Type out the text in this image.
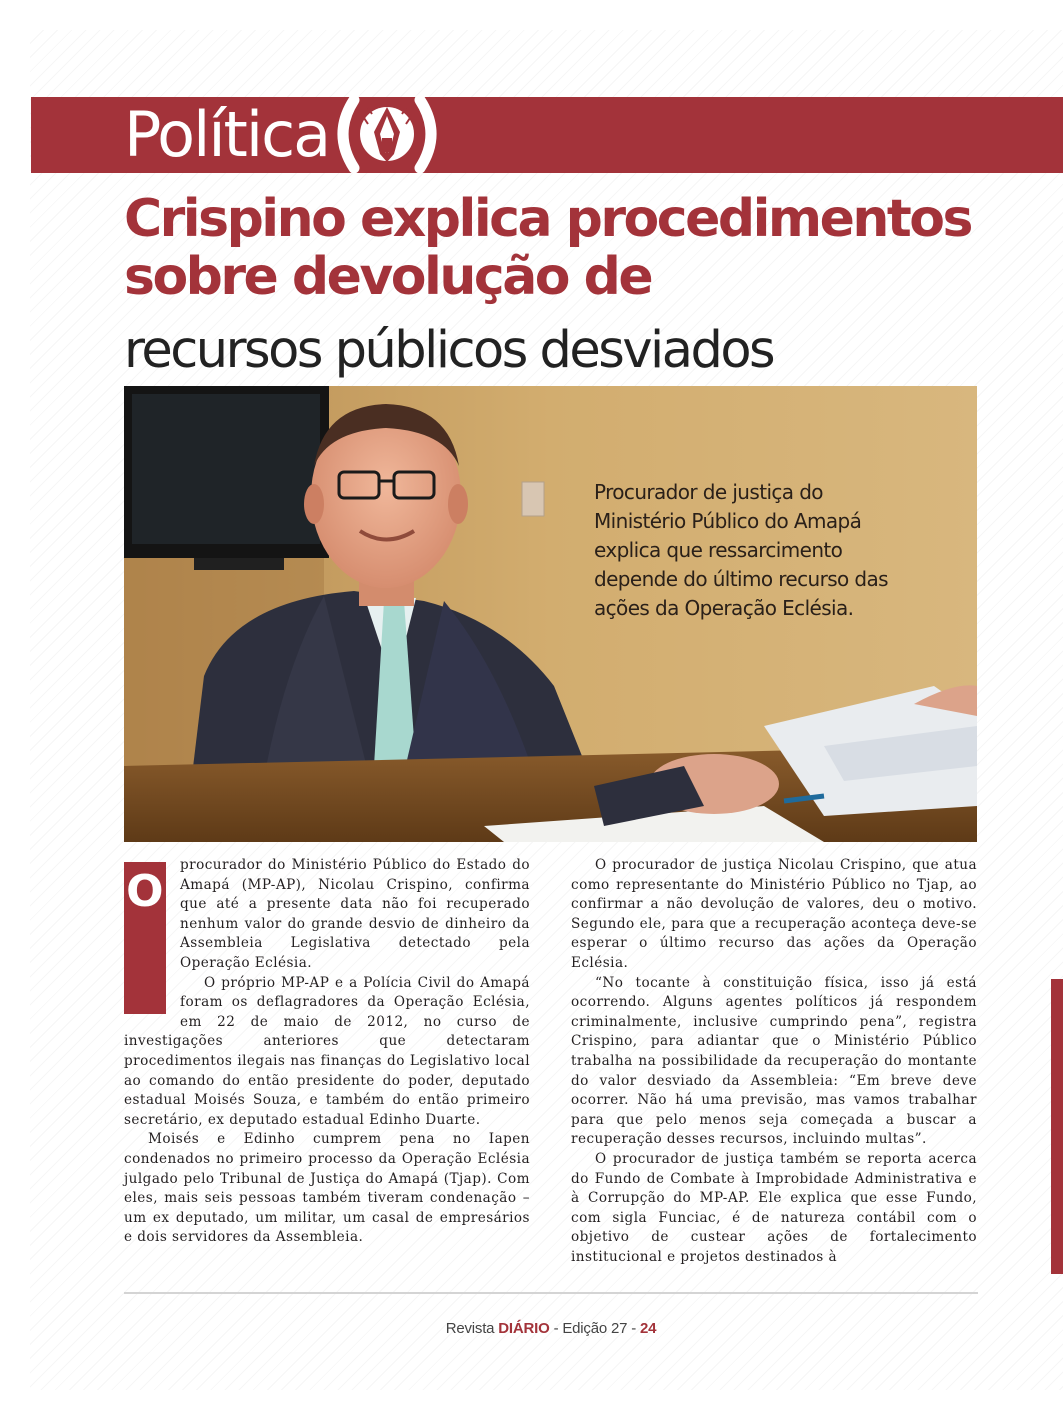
Política
Crispino explica procedimentos
sobre devolução de
recursos públicos desviados
Procurador de justiça do
Ministério Público do Amapá
explica que ressarcimento
depende do último recurso das
ações da Operação Eclésia.
O

procurador do Ministério Público do Estado do Amapá (MP-AP), Nicolau Crispino, confirma que até a presente data não foi recuperado nenhum valor do grande desvio de dinheiro da Assembleia Legislativa detectado pela Operação Eclésia.

O próprio MP-AP e a Polícia Civil do Amapá foram os deflagradores da Operação Eclésia, em 22 de maio de 2012, no curso de investigações anteriores que detectaram procedimentos ilegais nas finanças do Legislativo local ao comando do então presidente do poder, deputado estadual Moisés Souza, e também do então primeiro secretário, ex deputado estadual Edinho Duarte.

Moisés e Edinho cumprem pena no Iapen condenados no primeiro processo da Operação Eclésia julgado pelo Tribunal de Justiça do Amapá (Tjap). Com eles, mais seis pessoas também tiveram condenação – um ex deputado, um militar, um casal de empresários e dois servidores da Assembleia.

O procurador de justiça Nicolau Crispino, que atua como representante do Ministério Público no Tjap, ao confirmar a não devolução de valores, deu o motivo. Segundo ele, para que a recuperação aconteça deve-se esperar o último recurso das ações da Operação Eclésia.

“No tocante à constituição física, isso já está ocorrendo. Alguns agentes políticos já respondem criminalmente, inclusive cumprindo pena”, registra Crispino, para adiantar que o Ministério Público trabalha na possibilidade da recuperação do montante do valor desviado da Assembleia: “Em breve deve ocorrer. Não há uma previsão, mas vamos trabalhar para que pelo menos seja começada a buscar a recuperação desses recursos, incluindo multas”.

O procurador de justiça também se reporta acerca do Fundo de Combate à Improbidade Administrativa e à Corrupção do MP-AP. Ele explica que esse Fundo, com sigla Funciac, é de natureza contábil com o objetivo de custear ações de fortalecimento institucional e projetos destinados à

Revista DIÁRIO - Edição 27 - 24
